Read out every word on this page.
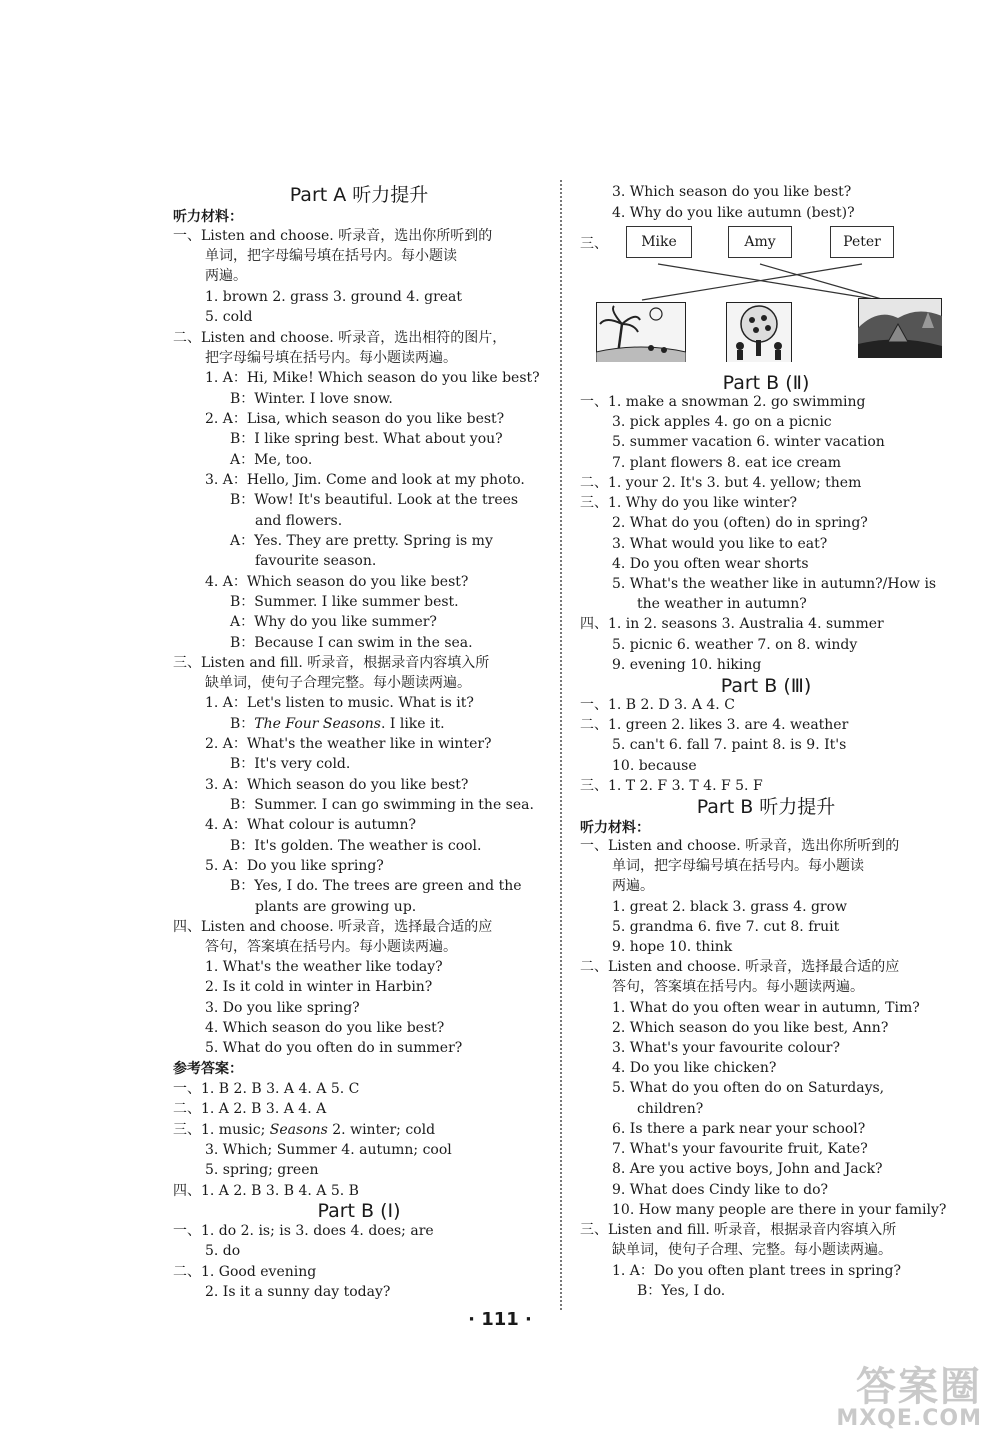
Part A 听力提升
听力材料：
一、Listen and choose. 听录音，选出你所听到的
单词，把字母编号填在括号内。每小题读
两遍。
1. brown 2. grass 3. ground 4. great
5. cold
二、Listen and choose. 听录音，选出相符的图片，
把字母编号填在括号内。每小题读两遍。
1. A：Hi, Mike! Which season do you like best?
B：Winter. I love snow.
2. A：Lisa, which season do you like best?
B：I like spring best. What about you?
A：Me, too.
3. A：Hello, Jim. Come and look at my photo.
B：Wow! It's beautiful. Look at the trees
and flowers.
A：Yes. They are pretty. Spring is my
favourite season.
4. A：Which season do you like best?
B：Summer. I like summer best.
A：Why do you like summer?
B：Because I can swim in the sea.
三、Listen and fill. 听录音，根据录音内容填入所
缺单词，使句子合理完整。每小题读两遍。
1. A：Let's listen to music. What is it?
B：The Four Seasons. I like it.
2. A：What's the weather like in winter?
B：It's very cold.
3. A：Which season do you like best?
B：Summer. I can go swimming in the sea.
4. A：What colour is autumn?
B：It's golden. The weather is cool.
5. A：Do you like spring?
B：Yes, I do. The trees are green and the
plants are growing up.
四、Listen and choose. 听录音，选择最合适的应
答句，答案填在括号内。每小题读两遍。
1. What's the weather like today?
2. Is it cold in winter in Harbin?
3. Do you like spring?
4. Which season do you like best?
5. What do you often do in summer?
参考答案：
一、1. B 2. B 3. A 4. A 5. C
二、1. A 2. B 3. A 4. A
三、1. music; Seasons 2. winter; cold
3. Which; Summer 4. autumn; cool
5. spring; green
四、1. A 2. B 3. B 4. A 5. B
Part B (Ⅰ)
一、1. do 2. is; is 3. does 4. does; are
5. do
二、1. Good evening
2. Is it a sunny day today?
3. Which season do you like best?
4. Why do you like autumn (best)?
三、	Mike	Amy	Peter
Part B (Ⅱ)
一、1. make a snowman 2. go swimming
3. pick apples 4. go on a picnic
5. summer vacation 6. winter vacation
7. plant flowers 8. eat ice cream
二、1. your 2. It's 3. but 4. yellow; them
三、1. Why do you like winter?
2. What do you (often) do in spring?
3. What would you like to eat?
4. Do you often wear shorts
5. What's the weather like in autumn?/How is
the weather in autumn?
四、1. in 2. seasons 3. Australia 4. summer
5. picnic 6. weather 7. on 8. windy
9. evening 10. hiking
Part B (Ⅲ)
一、1. B 2. D 3. A 4. C
二、1. green 2. likes 3. are 4. weather
5. can't 6. fall 7. paint 8. is 9. It's
10. because
三、1. T 2. F 3. T 4. F 5. F
Part B 听力提升
听力材料：
一、Listen and choose. 听录音，选出你所听到的
单词，把字母编号填在括号内。每小题读
两遍。
1. great 2. black 3. grass 4. grow
5. grandma 6. five 7. cut 8. fruit
9. hope 10. think
二、Listen and choose. 听录音，选择最合适的应
答句，答案填在括号内。每小题读两遍。
1. What do you often wear in autumn, Tim?
2. Which season do you like best, Ann?
3. What's your favourite colour?
4. Do you like chicken?
5. What do you often do on Saturdays,
children?
6. Is there a park near your school?
7. What's your favourite fruit, Kate?
8. Are you active boys, John and Jack?
9. What does Cindy like to do?
10. How many people are there in your family?
三、Listen and fill. 听录音，根据录音内容填入所
缺单词，使句子合理、完整。每小题读两遍。
1. A：Do you often plant trees in spring?
B：Yes, I do.
· 111 ·
答案圈
MXQE.COM
